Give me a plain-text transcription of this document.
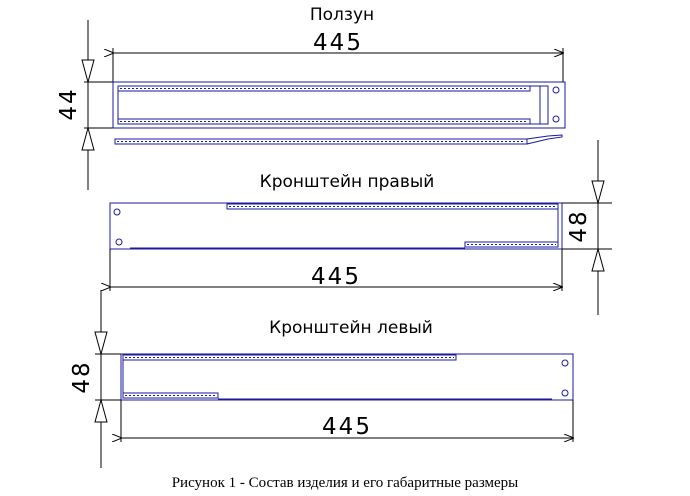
Ползун
445
44
Кронштейн правый
48
445
Кронштейн левый
48
445
Рисунок 1 - Состав изделия и его габаритные размеры
